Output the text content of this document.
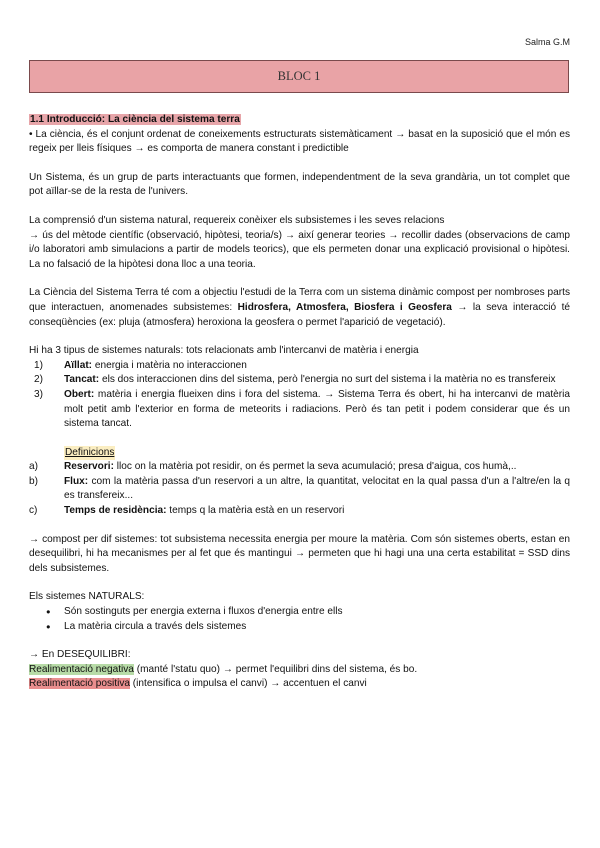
Salma G.M
BLOC 1

1.1 Introducció: La ciència del sistema terra

• La ciència, és el conjunt ordenat de coneixements estructurats sistemàticament → basat en la suposició que el món es regeix per lleis físiques → es comporta de manera constant i predictible

Un Sistema, és un grup de parts interactuants que formen, independentment de la seva grandària, un tot complet que pot aïllar-se de la resta de l'univers.

La comprensió d'un sistema natural, requereix conèixer els subsistemes i les seves relacions

→ ús del mètode científic (observació, hipòtesi, teoria/s) → així generar teories → recollir dades (observacions de camp i/o laboratori amb simulacions a partir de models teorics), que els permeten donar una explicació provisional o hipòtesi. La no falsació de la hipòtesi dona lloc a una teoria.

La Ciència del Sistema Terra té com a objectiu l'estudi de la Terra com un sistema dinàmic compost per nombroses parts que interactuen, anomenades subsistemes: Hidrosfera, Atmosfera, Biosfera i Geosfera → la seva interacció té conseqüències (ex: pluja (atmosfera) heroxiona la geosfera o permet l'aparició de vegetació).

Hi ha 3 tipus de sistemes naturals: tots relacionats amb l'intercanvi de matèria i energia

1) Aïllat: energia i matèria no interaccionen
2) Tancat: els dos interaccionen dins del sistema, però l'energia no surt del sistema i la matèria no es transfereix
3) Obert: matèria i energia flueixen dins i fora del sistema. → Sistema Terra és obert, hi ha intercanvi de matèria molt petit amb l'exterior en forma de meteorits i radiacions. Però és tan petit i podem considerar que és un sistema tancat.
Definicions
a)	Reservori: lloc on la matèria pot residir, on és permet la seva acumulació; presa d'aigua, cos humà,..
b)	Flux: com la matèria passa d'un reservori a un altre, la quantitat, velocitat en la qual passa d'un a l'altre/en la q es transfereix...
c)	Temps de residència: temps q la matèria està en un reservori

→ compost per dif sistemes: tot subsistema necessita energia per moure la matèria. Com són sistemes oberts, estan en desequilibri, hi ha mecanismes per al fet que és mantingui → permeten que hi hagi una una certa estabilitat = SSD dins dels subsistemes.

Els sistemes NATURALS:

● Són sostinguts per energia externa i fluxos d'energia entre ells
● La matèria circula a través dels sistemes

→ En DESEQUILIBRI:

Realimentació negativa (manté l'statu quo) → permet l'equilibri dins del sistema, és bo.

Realimentació positiva (intensifica o impulsa el canvi) → accentuen el canvi
